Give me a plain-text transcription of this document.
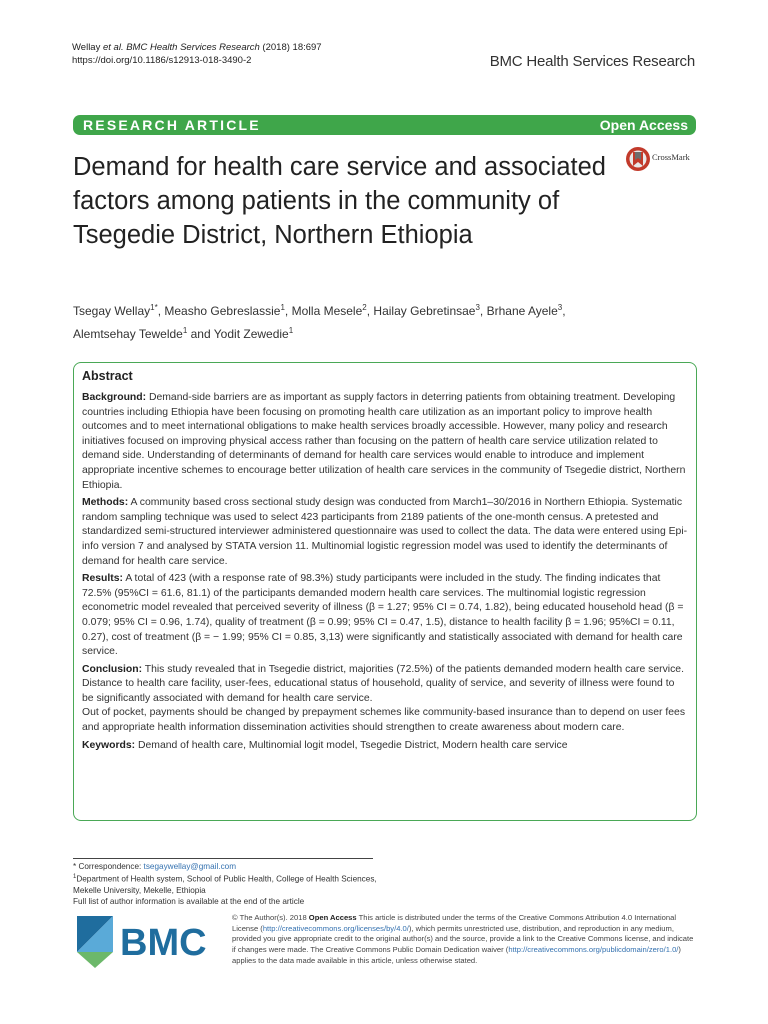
Wellay et al. BMC Health Services Research (2018) 18:697
https://doi.org/10.1186/s12913-018-3490-2	BMC Health Services Research
RESEARCH ARTICLE	Open Access
Demand for health care service and associated factors among patients in the community of Tsegedie District, Northern Ethiopia
CrossMark
Tsegay Wellay$^{1*}$, Measho Gebreslassie$^1$, Molla Mesele$^2$, Hailay Gebretinsae$^3$, Brhane Ayele$^3$,
Alemtsehay Tewelde$^1$ and Yodit Zewedie$^1$
Abstract

Background: Demand-side barriers are as important as supply factors in deterring patients from obtaining treatment. Developing countries including Ethiopia have been focusing on promoting health care utilization as an important policy to improve health outcomes and to meet international obligations to make health services broadly accessible. However, many policy and research initiatives focused on improving physical access rather than focusing on the pattern of health care service utilization related to demand side. Understanding of determinants of demand for health care services would enable to introduce and implement appropriate incentive schemes to encourage better utilization of health care services in the community of Tsegedie district, Northern Ethiopia.

Methods: A community based cross sectional study design was conducted from March1–30/2016 in Northern Ethiopia. Systematic random sampling technique was used to select 423 participants from 2189 patients of the one-month census. A pretested and standardized semi-structured interviewer administered questionnaire was used to collect the data. The data were entered using Epi-info version 7 and analysed by STATA version 11. Multinomial logistic regression model was used to identify the determinants of demand for health care service.

Results: A total of 423 (with a response rate of 98.3%) study participants were included in the study. The finding indicates that 72.5% (95%CI = 61.6, 81.1) of the participants demanded modern health care services. The multinomial logistic regression econometric model revealed that perceived severity of illness (β = 1.27; 95% CI = 0.74, 1.82), being educated household head (β = 0.079; 95% CI = 0.96, 1.74), quality of treatment (β = 0.99; 95% CI = 0.47, 1.5), distance to health facility β = 1.96; 95%CI = 0.11, 0.27), cost of treatment (β = − 1.99; 95% CI = 0.85, 3,13) were significantly and statistically associated with demand for health care service.

Conclusion: This study revealed that in Tsegedie district, majorities (72.5%) of the patients demanded modern health care service. Distance to health care facility, user-fees, educational status of household, quality of service, and severity of illness were found to be significantly associated with demand for health care service.

Out of pocket, payments should be changed by prepayment schemes like community-based insurance than to depend on user fees and appropriate health information dissemination activities should strengthen to create awareness about modern care.

Keywords: Demand of health care, Multinomial logit model, Tsegedie District, Modern health care service

* Correspondence: tsegaywellay@gmail.com
$^1$Department of Health system, School of Public Health, College of Health Sciences, Mekelle University, Mekelle, Ethiopia
Full list of author information is available at the end of the article
BMC
© The Author(s). 2018 Open Access This article is distributed under the terms of the Creative Commons Attribution 4.0 International License (http://creativecommons.org/licenses/by/4.0/), which permits unrestricted use, distribution, and reproduction in any medium, provided you give appropriate credit to the original author(s) and the source, provide a link to the Creative Commons license, and indicate if changes were made. The Creative Commons Public Domain Dedication waiver (http://creativecommons.org/publicdomain/zero/1.0/) applies to the data made available in this article, unless otherwise stated.
